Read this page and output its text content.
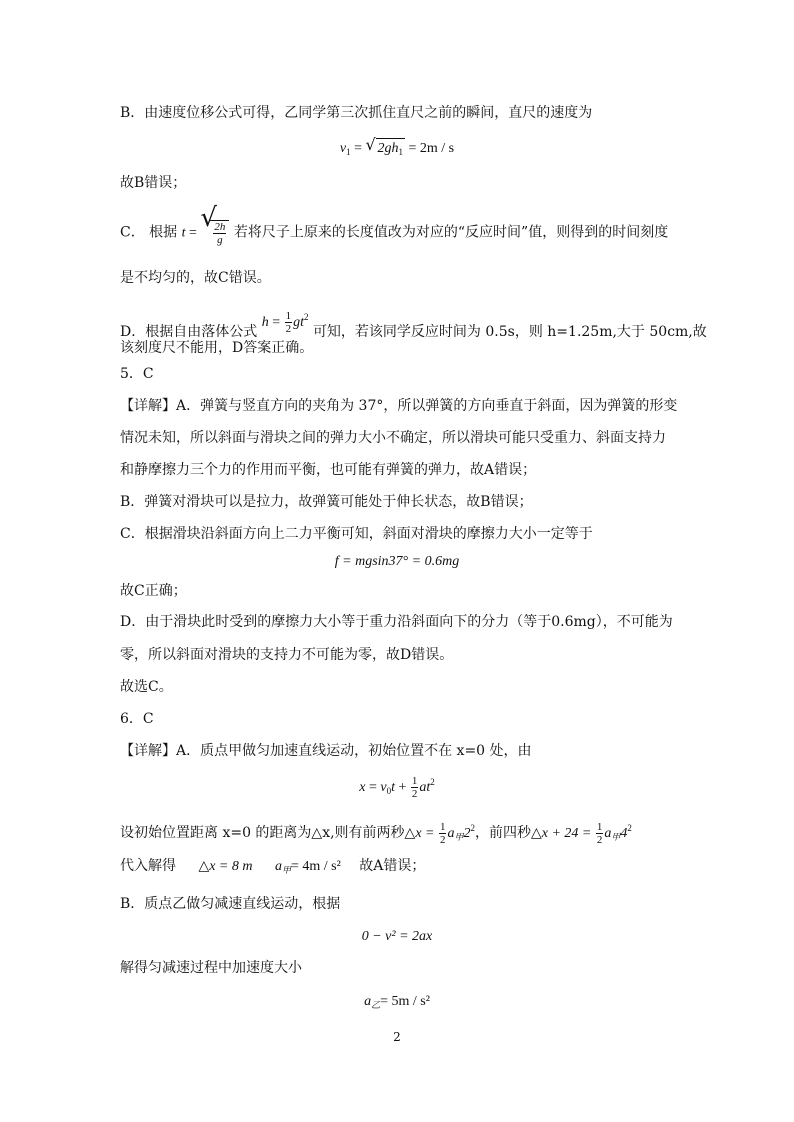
B．由速度位移公式可得，乙同学第三次抓住直尺之前的瞬间，直尺的速度为
$v_1$ = √ $2gh_1 = 2m / s$
故B错误；
C． 根据 t =
√
$\frac{2h}{g}$ 若将尺子上原来的长度值改为对应的“反应时间”值，则得到的时间刻度
是不均匀的，故C错误。
D．根据自由落体公式 $h = \frac{1}{2} gt^2$ 可知，若该同学反应时间为 0.5s，则 h=1.25m,大于 50cm,故
该刻度尺不能用，D答案正确。
5．C
【详解】A．弹簧与竖直方向的夹角为 37°，所以弹簧的方向垂直于斜面，因为弹簧的形变
情况未知，所以斜面与滑块之间的弹力大小不确定，所以滑块可能只受重力、斜面支持力
和静摩擦力三个力的作用而平衡，也可能有弹簧的弹力，故A错误；
B．弹簧对滑块可以是拉力，故弹簧可能处于伸长状态，故B错误；
C．根据滑块沿斜面方向上二力平衡可知，斜面对滑块的摩擦力大小一定等于
f = mgsin37° = 0.6mg
故C正确；
D．由于滑块此时受到的摩擦力大小等于重力沿斜面向下的分力（等于0.6mg），不可能为
零，所以斜面对滑块的支持力不可能为零，故D错误。
故选C。
6．C
【详解】A．质点甲做匀加速直线运动，初始位置不在 x=0 处，由
$x = v_0t + \frac{1}{2} at^2$
设初始位置距离 x=0 的距离为△x,则有前两秒△x = $\frac{1}{2} a_甲2^2$，前四秒△x + $24 = \frac{1}{2} a_甲4^2$
代入解得 △x = 8 m $a_甲= 4m / s^2$ 故A错误；
B．质点乙做匀减速直线运动，根据
0 − v² = 2ax
解得匀减速过程中加速度大小
$a_乙= 5m / s^2$
2
